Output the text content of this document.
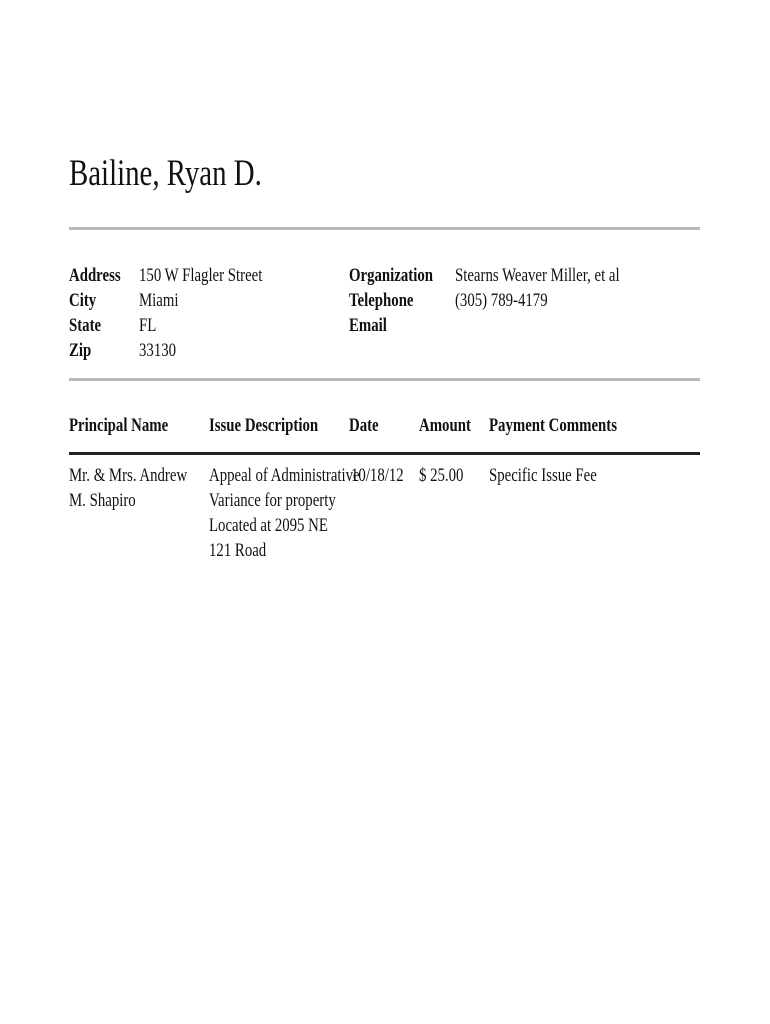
Bailine, Ryan D.
Address 150 W Flagler Street
City Miami
State FL
Zip	33130
Organization Stearns Weaver Miller, et al
Telephone (305) 789-4179
Email
Principal Name Issue Description Date Amount Payment Comments
Mr. & Mrs. Andrew
M. Shapiro
Appeal of Administrative
Variance for property
Located at 2095 NE
121 Road
10/18/12 $ 25.00 Specific Issue Fee
